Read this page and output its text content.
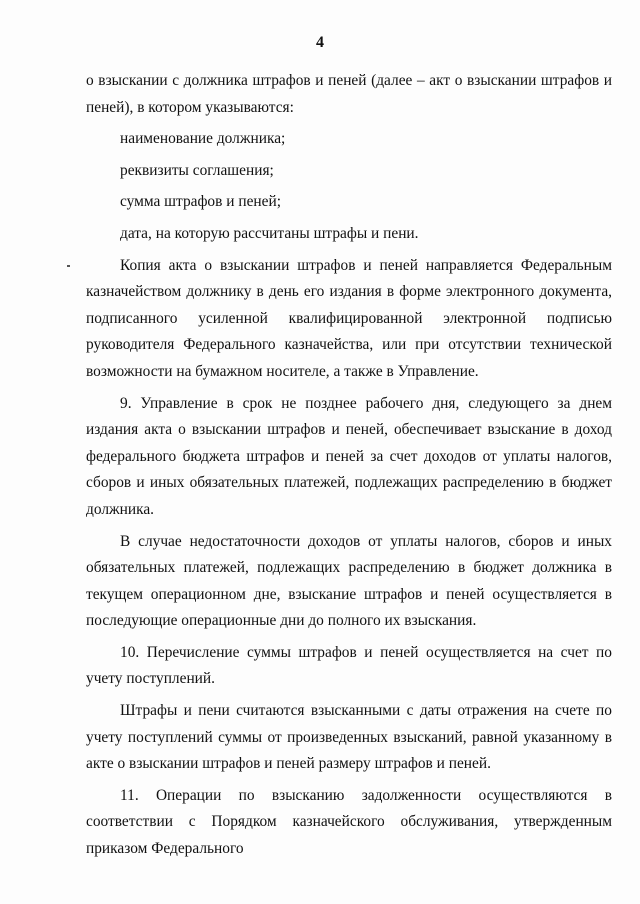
4

о взыскании с должника штрафов и пеней (далее – акт о взыскании штрафов и пеней), в котором указываются:

наименование должника;

реквизиты соглашения;

сумма штрафов и пеней;

дата, на которую рассчитаны штрафы и пени.

Копия акта о взыскании штрафов и пеней направляется Федеральным казначейством должнику в день его издания в форме электронного документа, подписанного усиленной квалифицированной электронной подписью руководителя Федерального казначейства, или при отсутствии технической возможности на бумажном носителе, а также в Управление.

9. Управление в срок не позднее рабочего дня, следующего за днем издания акта о взыскании штрафов и пеней, обеспечивает взыскание в доход федерального бюджета штрафов и пеней за счет доходов от уплаты налогов, сборов и иных обязательных платежей, подлежащих распределению в бюджет должника.

В случае недостаточности доходов от уплаты налогов, сборов и иных обязательных платежей, подлежащих распределению в бюджет должника в текущем операционном дне, взыскание штрафов и пеней осуществляется в последующие операционные дни до полного их взыскания.

10. Перечисление суммы штрафов и пеней осуществляется на счет по учету поступлений.

Штрафы и пени считаются взысканными с даты отражения на счете по учету поступлений суммы от произведенных взысканий, равной указанному в акте о взыскании штрафов и пеней размеру штрафов и пеней.

11. Операции по взысканию задолженности осуществляются в соответствии с Порядком казначейского обслуживания, утвержденным приказом Федерального
